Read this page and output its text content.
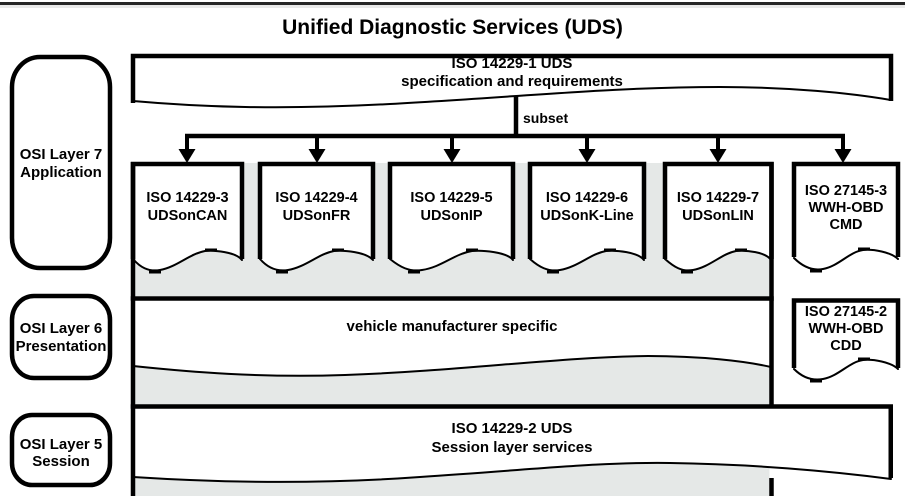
Unified Diagnostic Services (UDS)
ISO 14229-1 UDS
specification and requirements
subset
ISO 14229-3
UDSonCAN
ISO 14229-4
UDSonFR
ISO 14229-5
UDSonIP
ISO 14229-6
UDSonK-Line
ISO 14229-7
UDSonLIN
ISO 27145-3
WWH-OBD
CMD
ISO 27145-2
WWH-OBD
CDD
vehicle manufacturer specific
ISO 14229-2 UDS
Session layer services
OSI Layer 7
Application
OSI Layer 6
Presentation
OSI Layer 5
Session
